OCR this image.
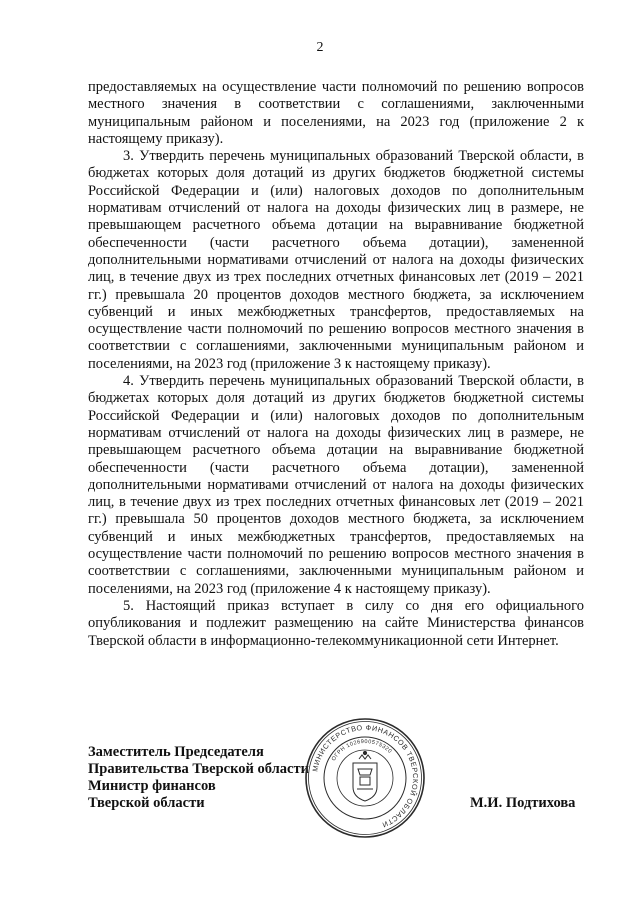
2

предоставляемых на осуществление части полномочий по решению вопросов местного значения в соответствии с соглашениями, заключенными муниципальным районом и поселениями, на 2023 год (приложение 2 к настоящему приказу).

3. Утвердить перечень муниципальных образований Тверской области, в бюджетах которых доля дотаций из других бюджетов бюджетной системы Российской Федерации и (или) налоговых доходов по дополнительным нормативам отчислений от налога на доходы физических лиц в размере, не превышающем расчетного объема дотации на выравнивание бюджетной обеспеченности (части расчетного объема дотации), замененной дополнительными нормативами отчислений от налога на доходы физических лиц, в течение двух из трех последних отчетных финансовых лет (2019 – 2021 гг.) превышала 20 процентов доходов местного бюджета, за исключением субвенций и иных межбюджетных трансфертов, предоставляемых на осуществление части полномочий по решению вопросов местного значения в соответствии с соглашениями, заключенными муниципальным районом и поселениями, на 2023 год (приложение 3 к настоящему приказу).

4. Утвердить перечень муниципальных образований Тверской области, в бюджетах которых доля дотаций из других бюджетов бюджетной системы Российской Федерации и (или) налоговых доходов по дополнительным нормативам отчислений от налога на доходы физических лиц в размере, не превышающем расчетного объема дотации на выравнивание бюджетной обеспеченности (части расчетного объема дотации), замененной дополнительными нормативами отчислений от налога на доходы физических лиц, в течение двух из трех последних отчетных финансовых лет (2019 – 2021 гг.) превышала 50 процентов доходов местного бюджета, за исключением субвенций и иных межбюджетных трансфертов, предоставляемых на осуществление части полномочий по решению вопросов местного значения в соответствии с соглашениями, заключенными муниципальным районом и поселениями, на 2023 год (приложение 4 к настоящему приказу).

5. Настоящий приказ вступает в силу со дня его официального опубликования и подлежит размещению на сайте Министерства финансов Тверской области в информационно-телекоммуникационной сети Интернет.

Заместитель Председателя
Правительства Тверской области
Министр финансов
Тверской области
МИНИСТЕРСТВО ФИНАНСОВ ТВЕРСКОЙ ОБЛАСТИ
ОГРН 1026900575320
М.И. Подтихова
